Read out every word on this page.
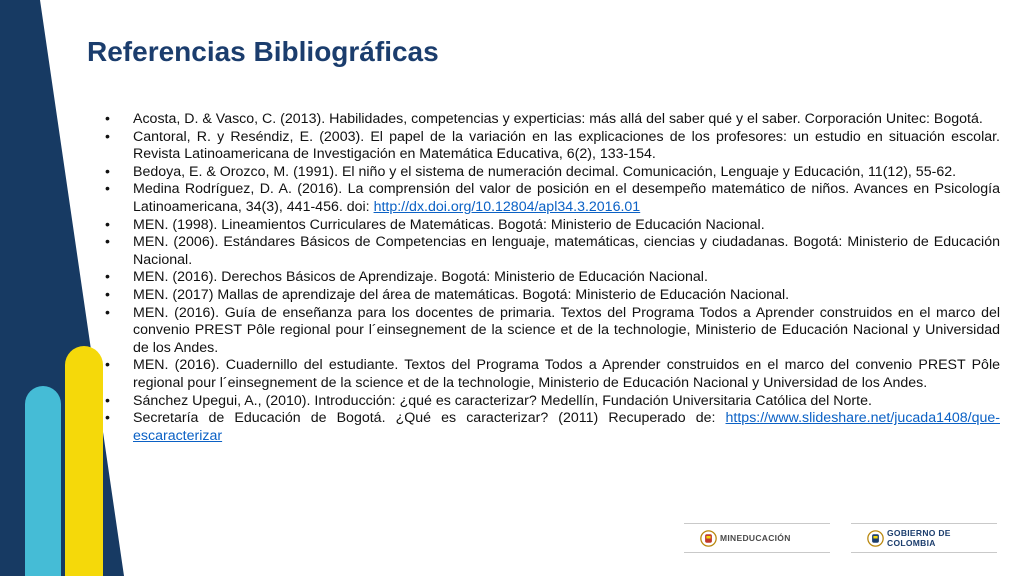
Referencias Bibliográficas
• Acosta, D. & Vasco, C. (2013). Habilidades, competencias y experticias: más allá del saber qué y el saber. Corporación Unitec: Bogotá.
• Cantoral, R. y Reséndiz, E. (2003). El papel de la variación en las explicaciones de los profesores: un estudio en situación escolar. Revista Latinoamericana de Investigación en Matemática Educativa, 6(2), 133-154.
• Bedoya, E. & Orozco, M. (1991). El niño y el sistema de numeración decimal. Comunicación, Lenguaje y Educación, 11(12), 55-62.
• Medina Rodríguez, D. A. (2016). La comprensión del valor de posición en el desempeño matemático de niños. Avances en Psicología Latinoamericana, 34(3), 441-456. doi: http://dx.doi.org/10.12804/apl34.3.2016.01
• MEN. (1998). Lineamientos Curriculares de Matemáticas. Bogotá: Ministerio de Educación Nacional.
• MEN. (2006). Estándares Básicos de Competencias en lenguaje, matemáticas, ciencias y ciudadanas. Bogotá: Ministerio de Educación Nacional.
• MEN. (2016). Derechos Básicos de Aprendizaje. Bogotá: Ministerio de Educación Nacional.
• MEN. (2017) Mallas de aprendizaje del área de matemáticas. Bogotá: Ministerio de Educación Nacional.
• MEN. (2016). Guía de enseñanza para los docentes de primaria. Textos del Programa Todos a Aprender construidos en el marco del convenio PREST Pôle regional pour l´einsegnement de la science et de la technologie, Ministerio de Educación Nacional y Universidad de los Andes.
• MEN. (2016). Cuadernillo del estudiante. Textos del Programa Todos a Aprender construidos en el marco del convenio PREST Pôle regional pour l´einsegnement de la science et de la technologie, Ministerio de Educación Nacional y Universidad de los Andes.
• Sánchez Upegui, A., (2010). Introducción: ¿qué es caracterizar? Medellín, Fundación Universitaria Católica del Norte.
• Secretaría de Educación de Bogotá. ¿Qué es caracterizar? (2011) Recuperado de: https://www.slideshare.net/jucada1408/que-escaracterizar
MINEDUCACIÓN	GOBIERNO DE COLOMBIA
